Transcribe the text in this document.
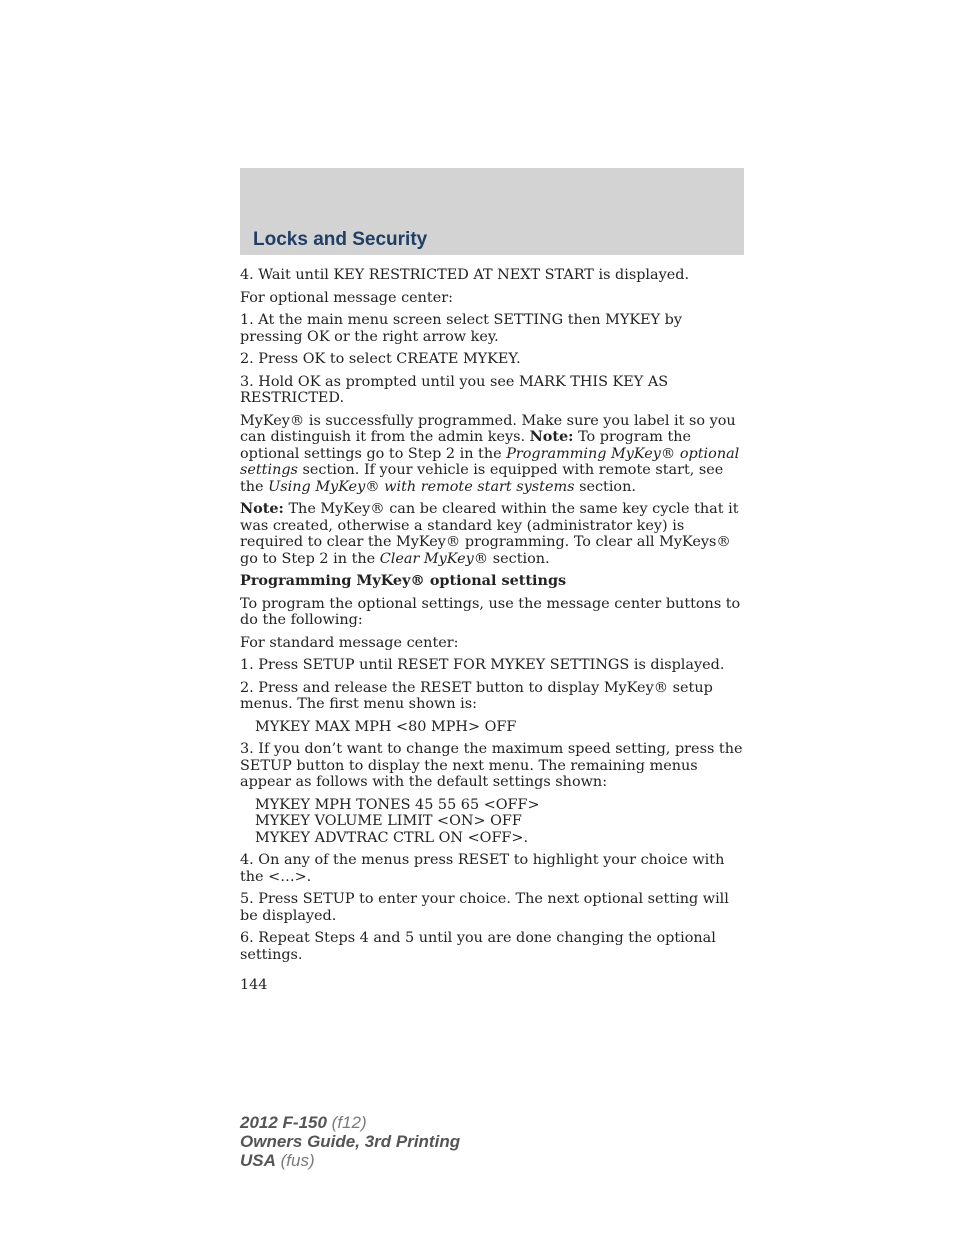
Locks and Security

4. Wait until KEY RESTRICTED AT NEXT START is displayed.

For optional message center:

1. At the main menu screen select SETTING then MYKEY by pressing OK or the right arrow key.

2. Press OK to select CREATE MYKEY.

3. Hold OK as prompted until you see MARK THIS KEY AS RESTRICTED.

MyKey® is successfully programmed. Make sure you label it so you can distinguish it from the admin keys. Note: To program the optional settings go to Step 2 in the Programming MyKey® optional settings section. If your vehicle is equipped with remote start, see the Using MyKey® with remote start systems section.

Note: The MyKey® can be cleared within the same key cycle that it was created, otherwise a standard key (administrator key) is required to clear the MyKey® programming. To clear all MyKeys® go to Step 2 in the Clear MyKey® section.

Programming MyKey® optional settings

To program the optional settings, use the message center buttons to do the following:

For standard message center:

1. Press SETUP until RESET FOR MYKEY SETTINGS is displayed.

2. Press and release the RESET button to display MyKey® setup menus. The first menu shown is:

MYKEY MAX MPH <80 MPH> OFF

3. If you don’t want to change the maximum speed setting, press the SETUP button to display the next menu. The remaining menus appear as follows with the default settings shown:

MYKEY MPH TONES 45 55 65 <OFF>
MYKEY VOLUME LIMIT <ON> OFF
MYKEY ADVTRAC CTRL ON <OFF>.

4. On any of the menus press RESET to highlight your choice with the <…>.

5. Press SETUP to enter your choice. The next optional setting will be displayed.

6. Repeat Steps 4 and 5 until you are done changing the optional settings.

144

2012 F-150 (f12)
Owners Guide, 3rd Printing
USA (fus)
